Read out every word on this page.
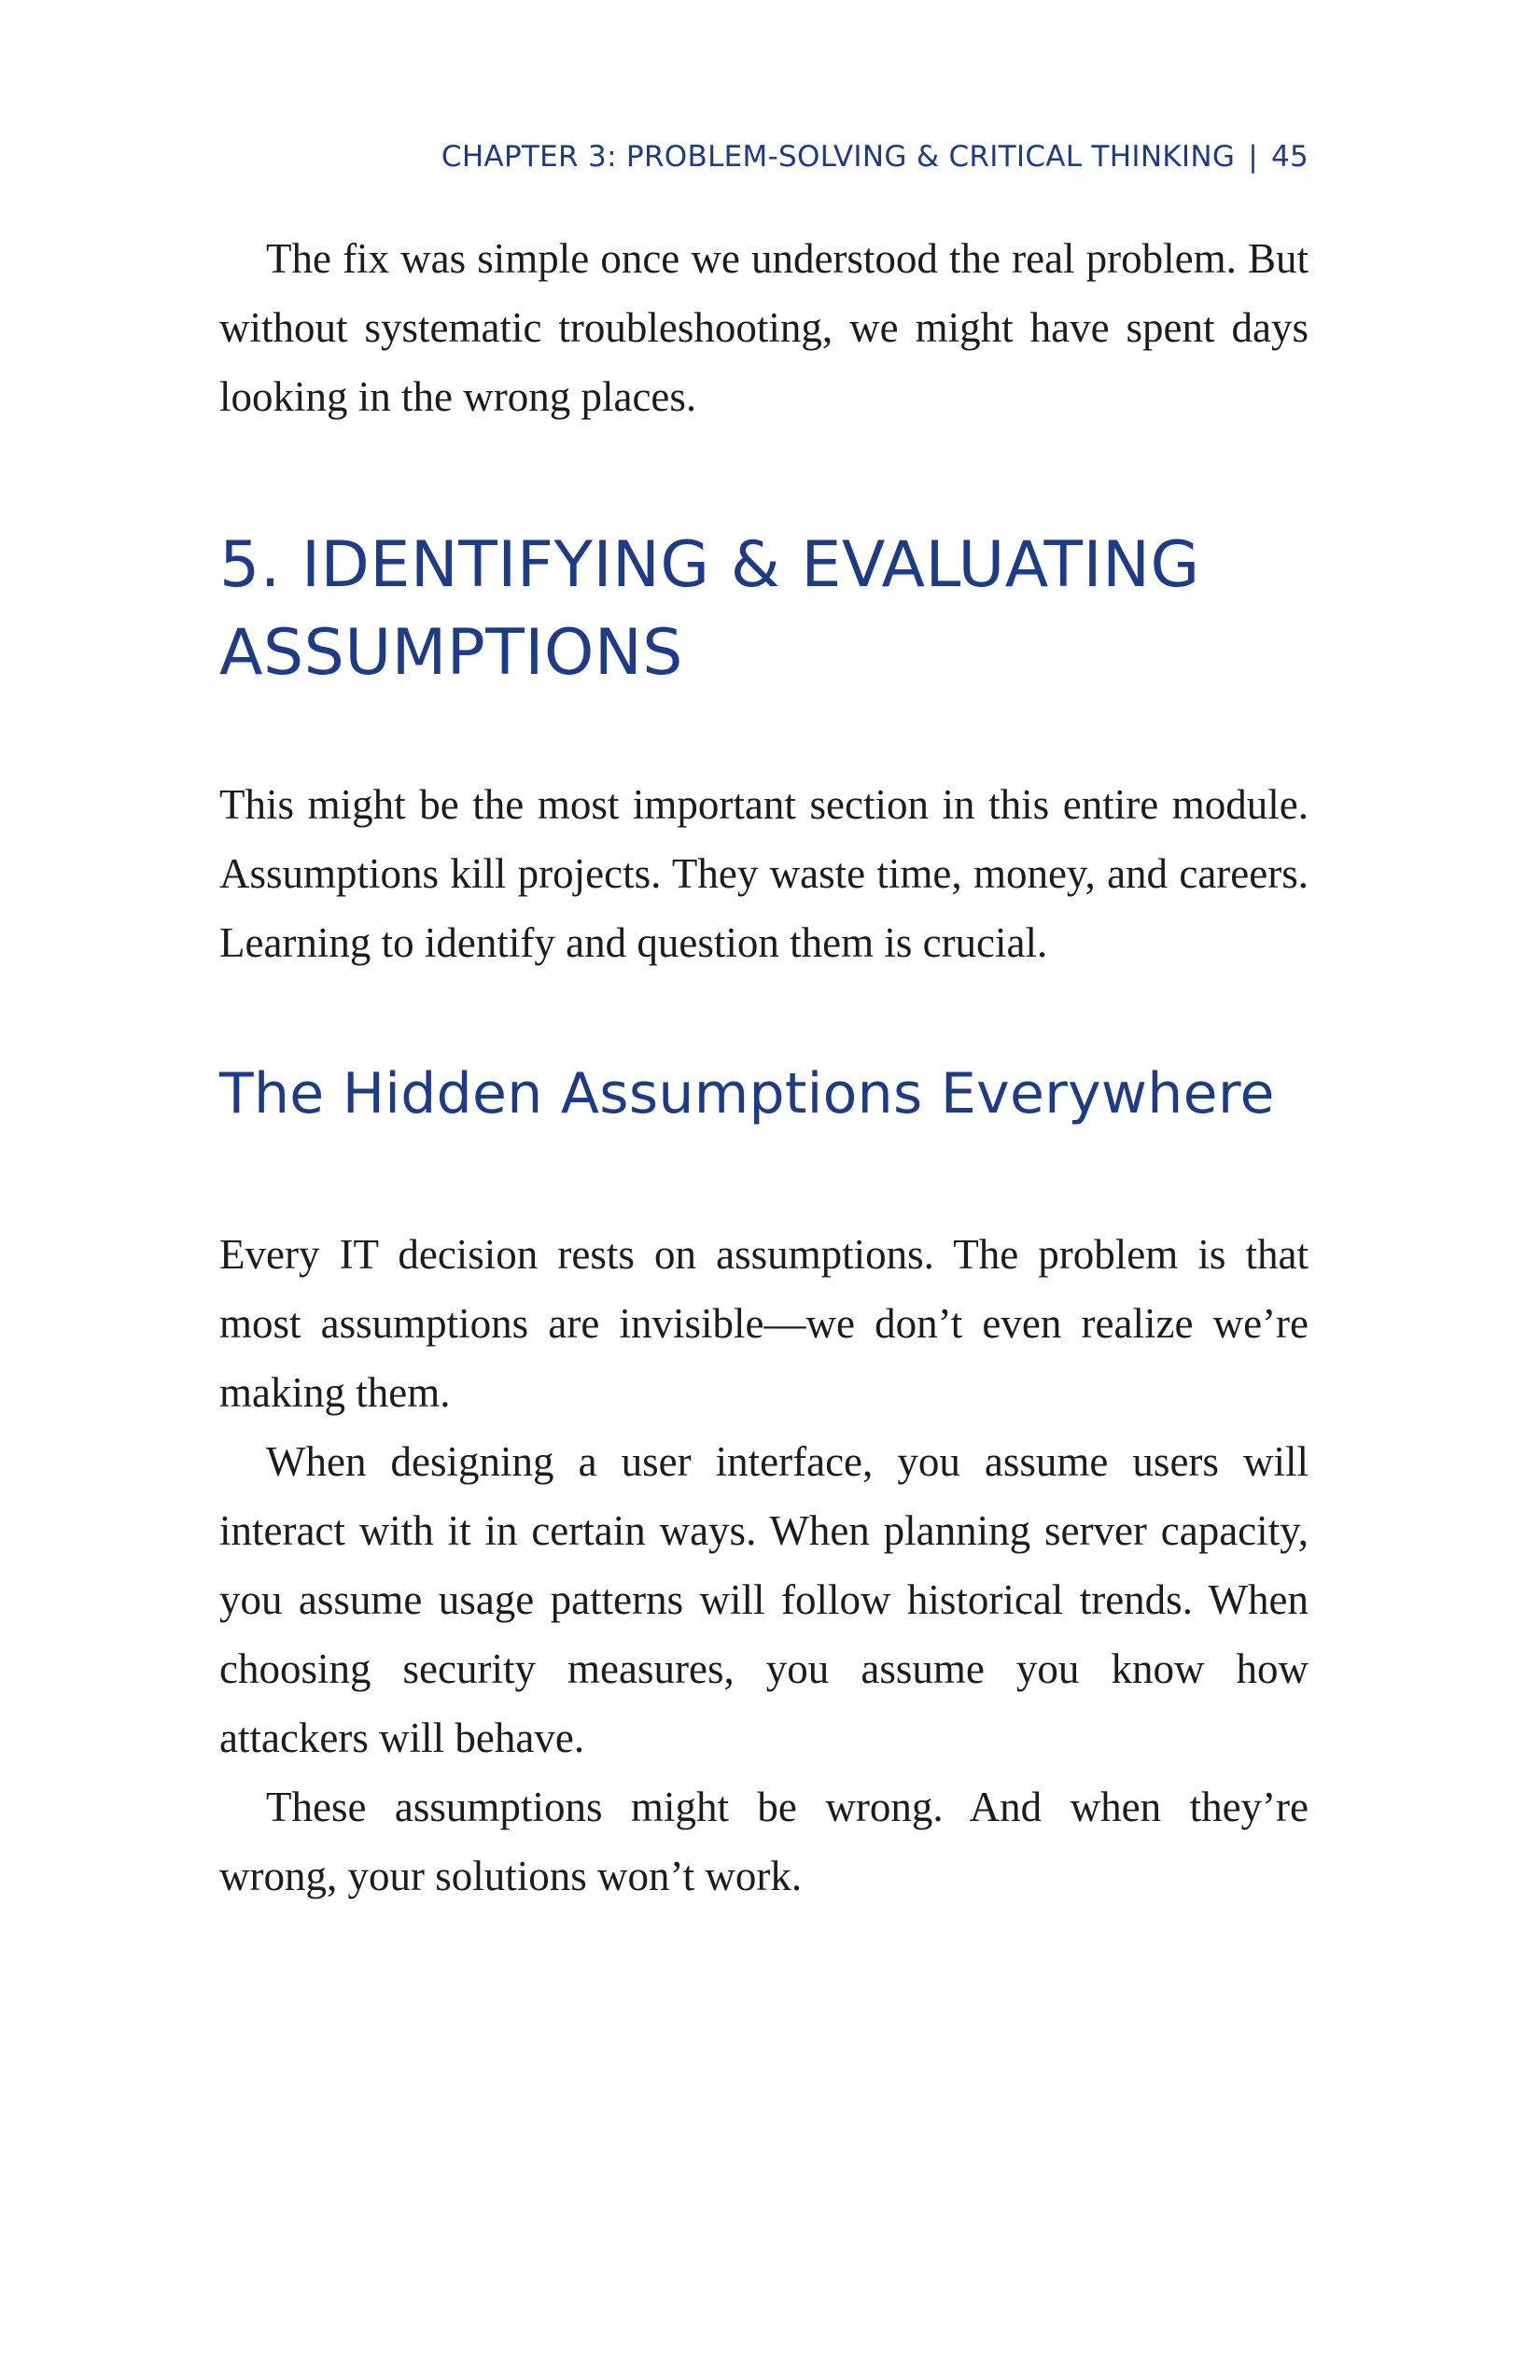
CHAPTER 3: PROBLEM-SOLVING & CRITICAL THINKING | 45

The fix was simple once we understood the real problem. But without systematic troubleshooting, we might have spent days looking in the wrong places.

5. IDENTIFYING & EVALUATING
ASSUMPTIONS

This might be the most important section in this entire module. Assumptions kill projects. They waste time, money, and careers. Learning to identify and question them is crucial.

The Hidden Assumptions Everywhere

Every IT decision rests on assumptions. The problem is that most assumptions are invisible—we don’t even realize we’re making them.

When designing a user interface, you assume users will interact with it in certain ways. When planning server capacity, you assume usage patterns will follow historical trends. When choosing security measures, you assume you know how attackers will behave.

These assumptions might be wrong. And when they’re wrong, your solutions won’t work.
